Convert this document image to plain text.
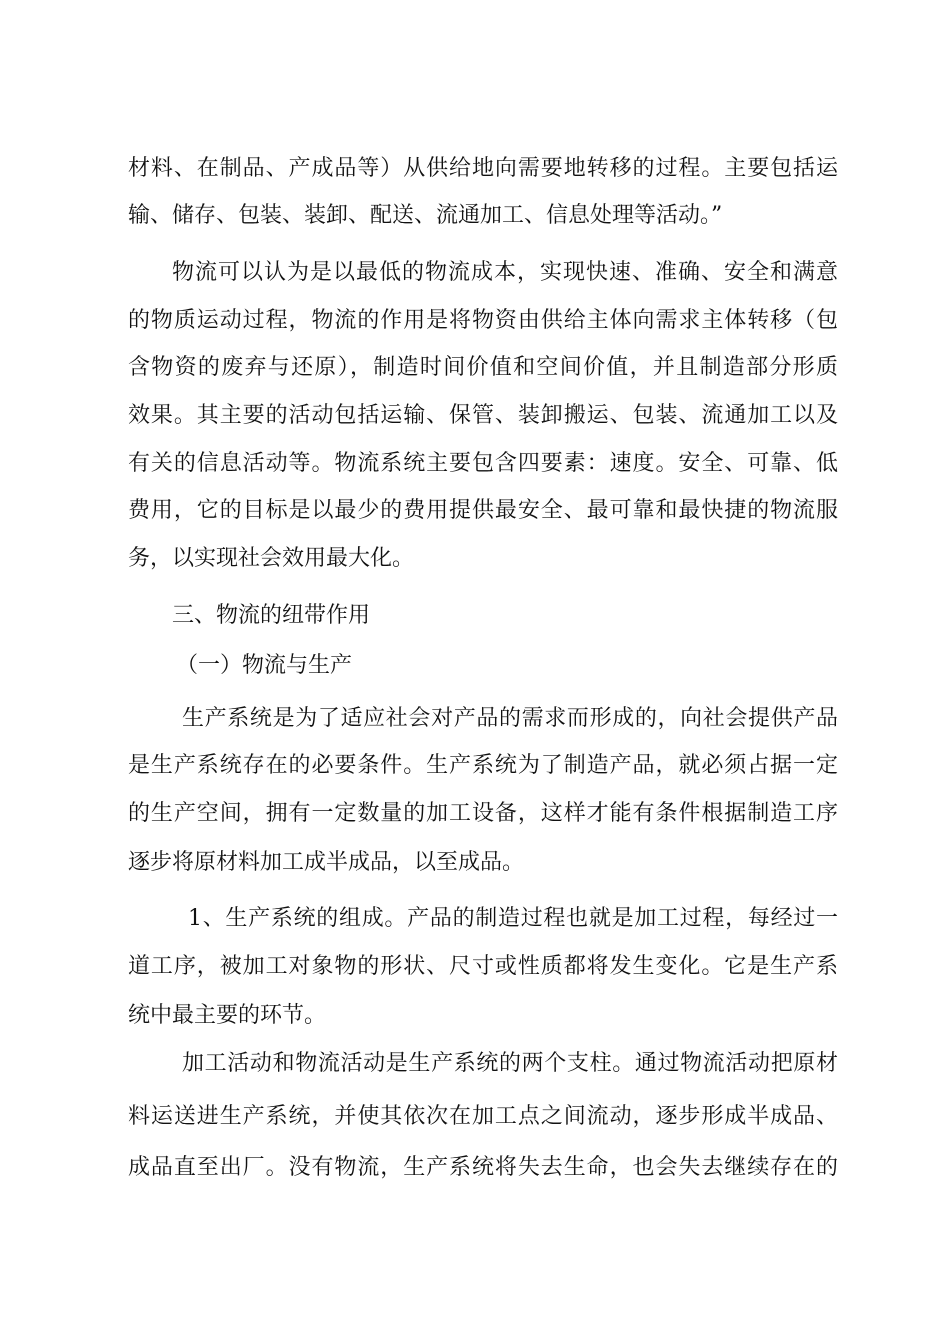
材料、在制品、产成品等）从供给地向需要地转移的过程。主要包括运
输、储存、包装、装卸、配送、流通加工、信息处理等活动。”
物流可以认为是以最低的物流成本，实现快速、准确、安全和满意
的物质运动过程，物流的作用是将物资由供给主体向需求主体转移（包
含物资的废弃与还原），制造时间价值和空间价值，并且制造部分形质
效果。其主要的活动包括运输、保管、装卸搬运、包装、流通加工以及
有关的信息活动等。物流系统主要包含四要素：速度。安全、可靠、低
费用，它的目标是以最少的费用提供最安全、最可靠和最快捷的物流服
务，以实现社会效用最大化。
三、物流的纽带作用
（一）物流与生产
生产系统是为了适应社会对产品的需求而形成的，向社会提供产品
是生产系统存在的必要条件。生产系统为了制造产品，就必须占据一定
的生产空间，拥有一定数量的加工设备，这样才能有条件根据制造工序
逐步将原材料加工成半成品，以至成品。
1、生产系统的组成。产品的制造过程也就是加工过程，每经过一
道工序，被加工对象物的形状、尺寸或性质都将发生变化。它是生产系
统中最主要的环节。
加工活动和物流活动是生产系统的两个支柱。通过物流活动把原材
料运送进生产系统，并使其依次在加工点之间流动，逐步形成半成品、
成品直至出厂。没有物流，生产系统将失去生命，也会失去继续存在的
